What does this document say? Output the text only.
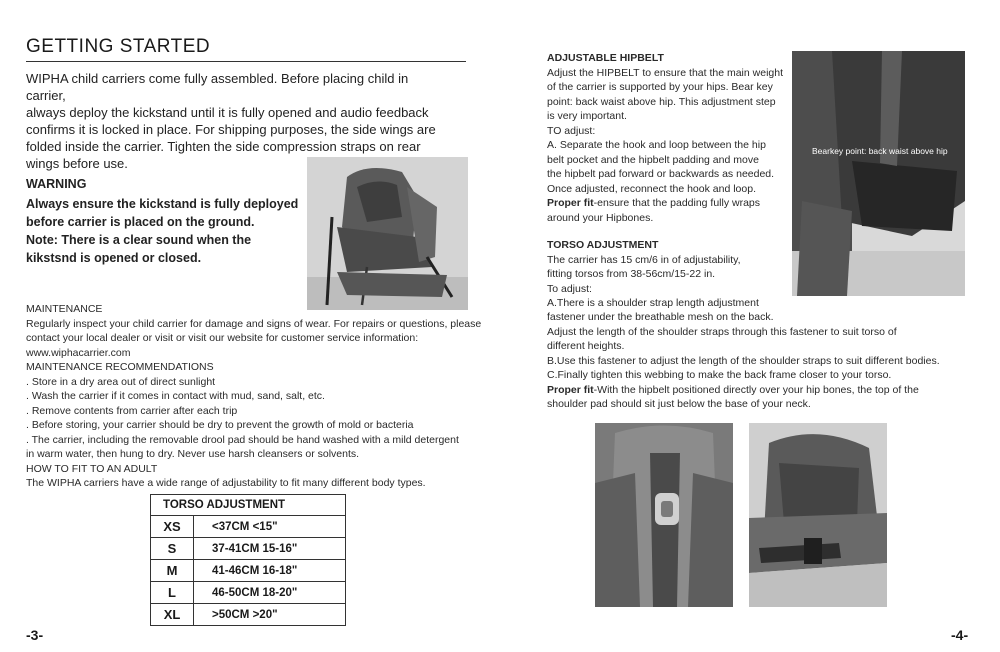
GETTING STARTED
WIPHA child carriers come fully assembled. Before placing child in carrier,
always deploy the kickstand until it is fully opened and audio feedback
confirms it is locked in place. For shipping purposes, the side wings are
folded inside the carrier. Tighten the side compression straps on rear
wings before use.
WARNING
Always ensure the kickstand is fully deployed
before carrier is placed on the ground.
Note: There is a clear sound when the
kikstsnd is opened or closed.
MAINTENANCE
Regularly inspect your child carrier for damage and signs of wear. For repairs or questions, please
contact your local dealer or visit or visit our website for customer service information:
www.wiphacarrier.com
MAINTENANCE RECOMMENDATIONS
. Store in a dry area out of direct sunlight
. Wash the carrier if it comes in contact with mud, sand, salt, etc.
. Remove contents from carrier after each trip
. Before storing, your carrier should be dry to prevent the growth of mold or bacteria
. The carrier, including the removable drool pad should be hand washed with a mild detergent
in warm water, then hung to dry. Never use harsh cleansers or solvents.
HOW TO FIT TO AN ADULT
The WIPHA carriers have a wide range of adjustability to fit many different body types.
TORSO ADJUSTMENT	
XS	<37CM <15"
S	37-41CM 15-16"
M	41-46CM 16-18"
L	46-50CM 18-20"
XL	>50CM >20"
-3-
ADJUSTABLE HIPBELT
Adjust the HIPBELT to ensure that the main weight
of the carrier is supported by your hips. Bear key
point: back waist above hip. This adjustment step
is very important.
TO adjust:
A. Separate the hook and loop between the hip
belt pocket and the hipbelt padding and move
the hipbelt pad forward or backwards as needed.
Once adjusted, reconnect the hook and loop.
Proper fit-ensure that the padding fully wraps
around your Hipbones.
Bearkey point: back waist above hip
TORSO ADJUSTMENT
The carrier has 15 cm/6 in of adjustability,
fitting torsos from 38-56cm/15-22 in.
To adjust:
A.There is a shoulder strap length adjustment
fastener under the breathable mesh on the back.
Adjust the length of the shoulder straps through this fastener to suit torso of
different heights.
B.Use this fastener to adjust the length of the shoulder straps to suit different bodies.
C.Finally tighten this webbing to make the back frame closer to your torso.
Proper fit-With the hipbelt positioned directly over your hip bones, the top of the
shoulder pad should sit just below the base of your neck.
-4-
